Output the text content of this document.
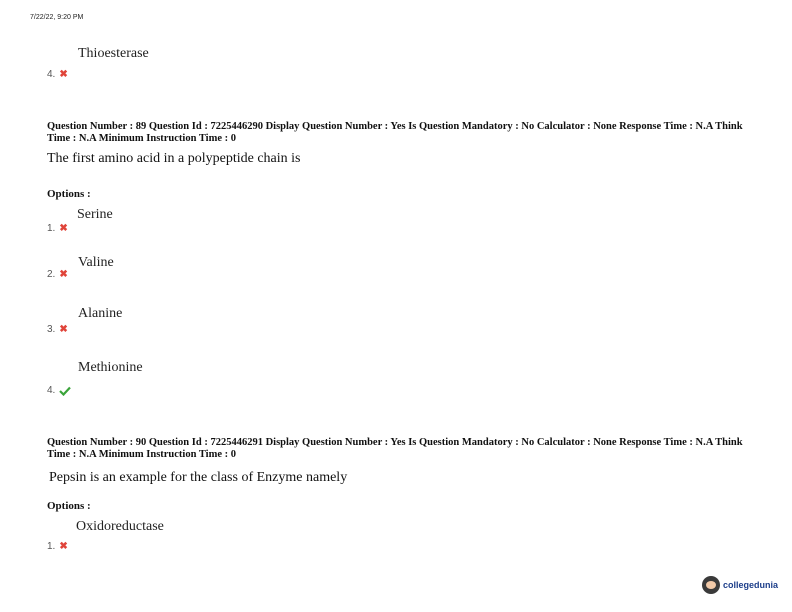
7/22/22, 9:20 PM
Thioesterase
4. ✖
Question Number : 89 Question Id : 7225446290 Display Question Number : Yes Is Question Mandatory : No Calculator : None Response Time : N.A Think Time : N.A Minimum Instruction Time : 0
The first amino acid in a polypeptide chain is
Options :
Serine
1. ✖
Valine
2. ✖
Alanine
3. ✖
Methionine
4.
Question Number : 90 Question Id : 7225446291 Display Question Number : Yes Is Question Mandatory : No Calculator : None Response Time : N.A Think Time : N.A Minimum Instruction Time : 0
Pepsin is an example for the class of Enzyme namely
Options :
Oxidoreductase
1. ✖
collegedunia
